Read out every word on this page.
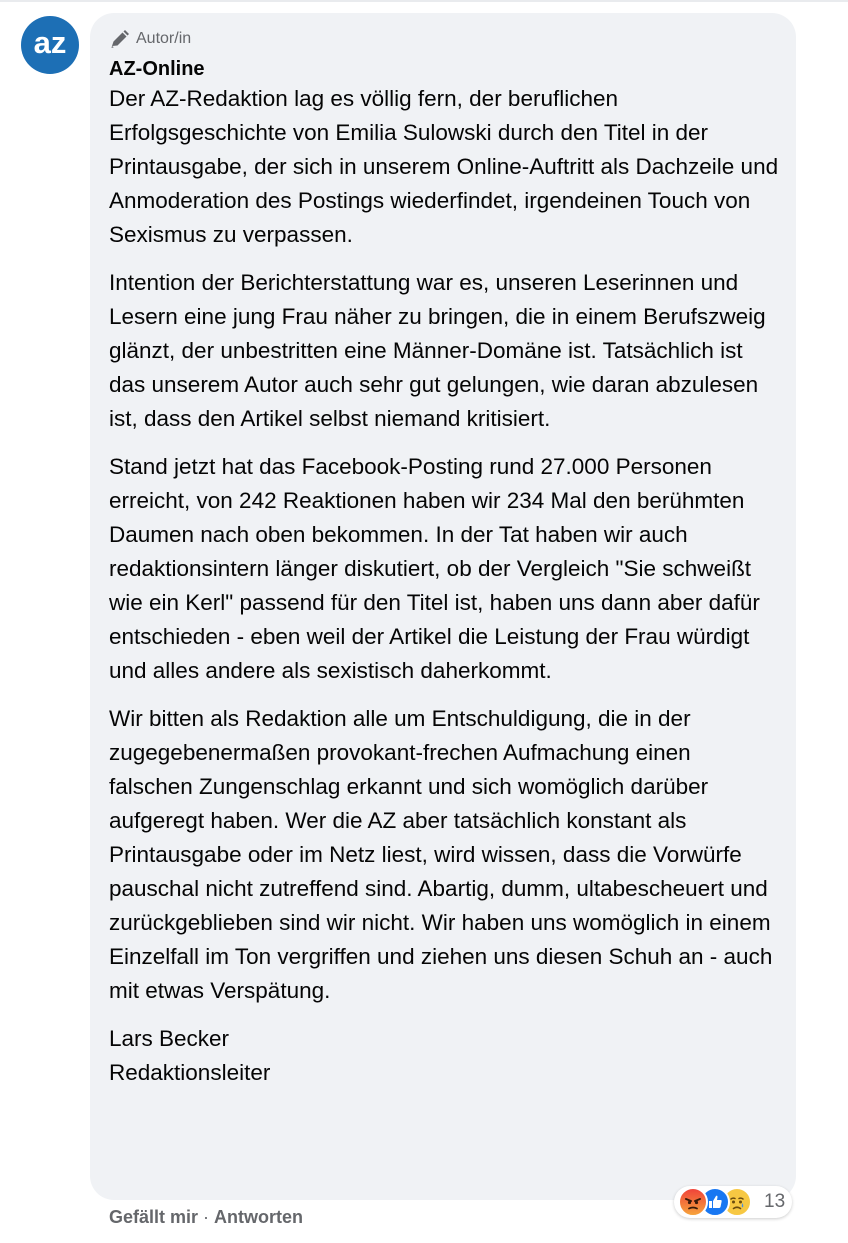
az	Autor/in
AZ-Online

Der AZ-Redaktion lag es völlig fern, der beruflichen Erfolgsgeschichte von Emilia Sulowski durch den Titel in der Printausgabe, der sich in unserem Online-Auftritt als Dachzeile und Anmoderation des Postings wiederfindet, irgendeinen Touch von Sexismus zu verpassen.

Intention der Berichterstattung war es, unseren Leserinnen und Lesern eine jung Frau näher zu bringen, die in einem Berufszweig glänzt, der unbestritten eine Männer-Domäne ist. Tatsächlich ist das unserem Autor auch sehr gut gelungen, wie daran abzulesen ist, dass den Artikel selbst niemand kritisiert.

Stand jetzt hat das Facebook-Posting rund 27.000 Personen erreicht, von 242 Reaktionen haben wir 234 Mal den berühmten Daumen nach oben bekommen. In der Tat haben wir auch redaktionsintern länger diskutiert, ob der Vergleich "Sie schweißt wie ein Kerl" passend für den Titel ist, haben uns dann aber dafür entschieden - eben weil der Artikel die Leistung der Frau würdigt und alles andere als sexistisch daherkommt.

Wir bitten als Redaktion alle um Entschuldigung, die in der zugegebenermaßen provokant-frechen Aufmachung einen falschen Zungenschlag erkannt und sich womöglich darüber aufgeregt haben. Wer die AZ aber tatsächlich konstant als Printausgabe oder im Netz liest, wird wissen, dass die Vorwürfe pauschal nicht zutreffend sind. Abartig, dumm, ultabescheuert und zurückgeblieben sind wir nicht. Wir haben uns womöglich in einem Einzelfall im Ton vergriffen und ziehen uns diesen Schuh an - auch mit etwas Verspätung.

Lars Becker
Redaktionsleiter
13
Gefällt mir · Antworten
